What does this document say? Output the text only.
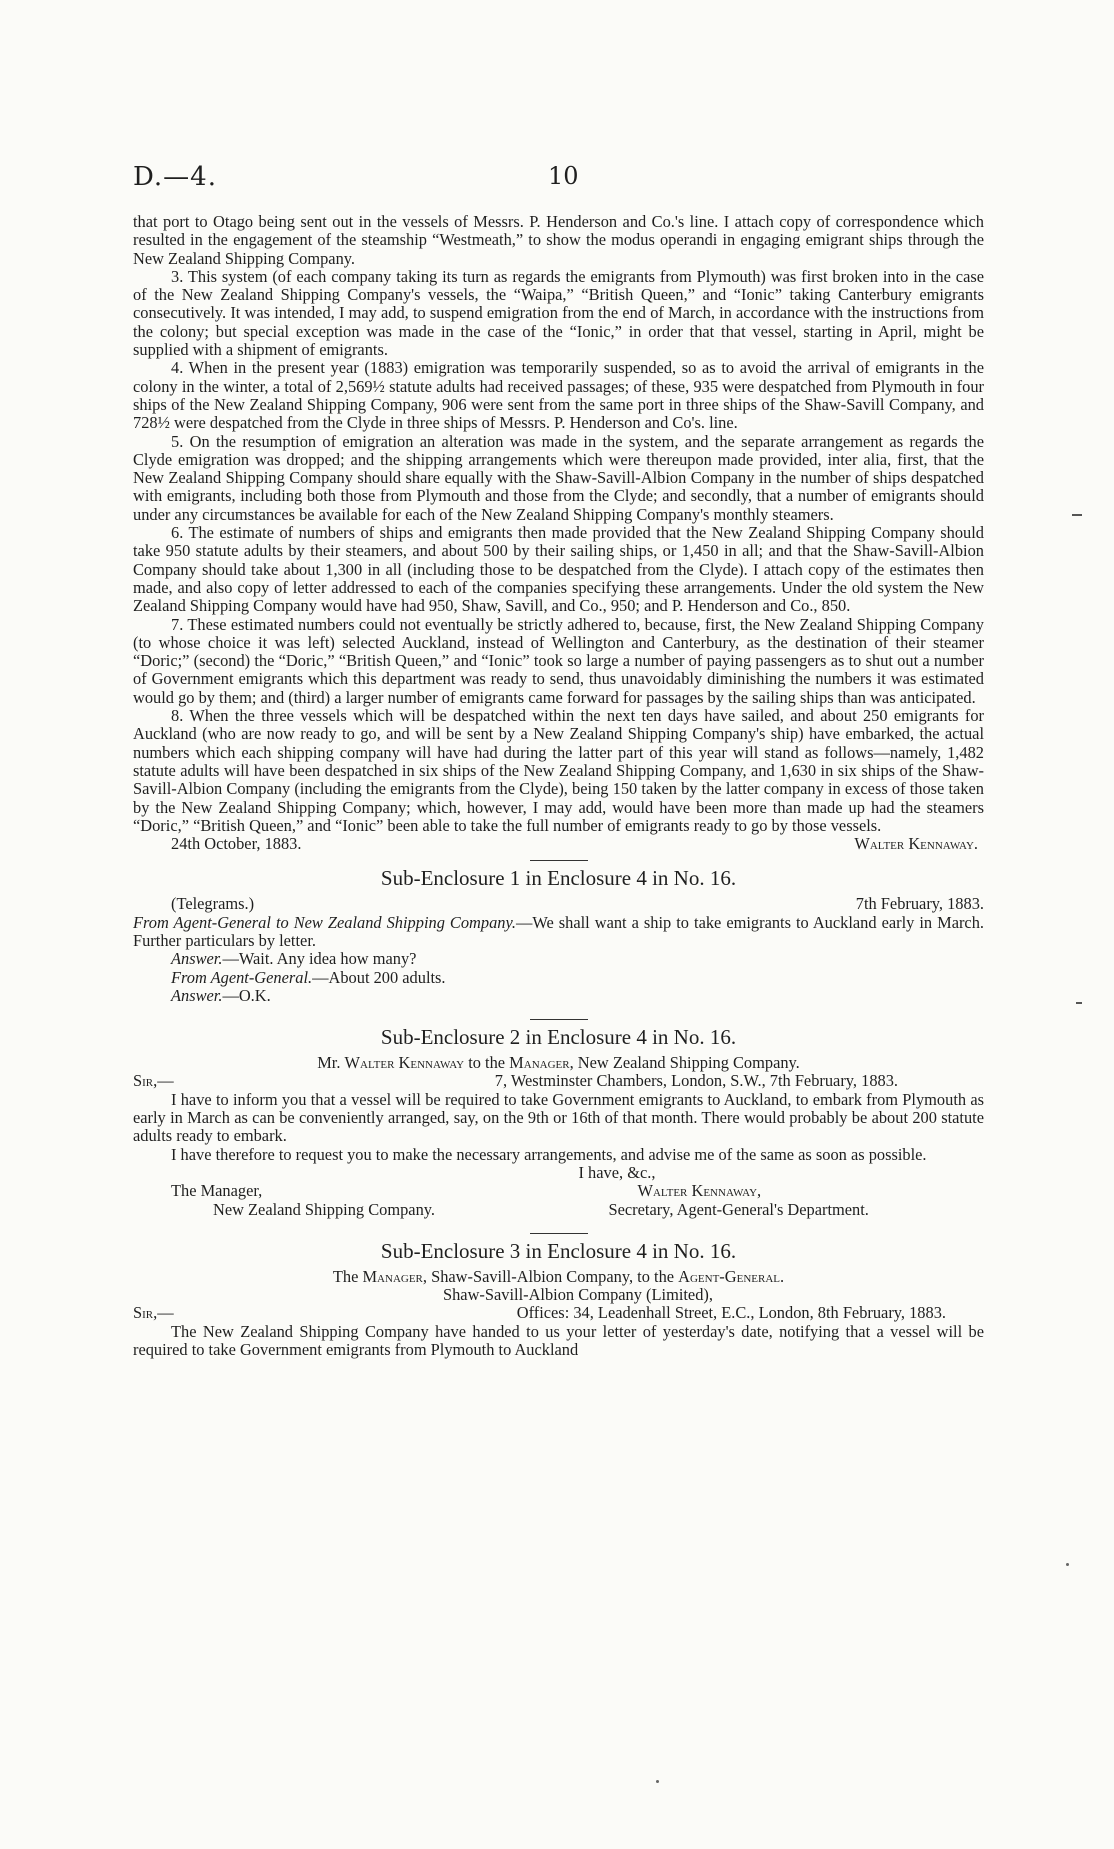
D.—4.	10

that port to Otago being sent out in the vessels of Messrs. P. Henderson and Co.'s line. I attach copy of correspondence which resulted in the engagement of the steamship “Westmeath,” to show the modus operandi in engaging emigrant ships through the New Zealand Shipping Company.

3. This system (of each company taking its turn as regards the emigrants from Plymouth) was first broken into in the case of the New Zealand Shipping Company's vessels, the “Waipa,” “British Queen,” and “Ionic” taking Canterbury emigrants consecutively. It was intended, I may add, to suspend emigration from the end of March, in accordance with the instructions from the colony; but special exception was made in the case of the “Ionic,” in order that that vessel, starting in April, might be supplied with a shipment of emigrants.

4. When in the present year (1883) emigration was temporarily suspended, so as to avoid the arrival of emigrants in the colony in the winter, a total of 2,569½ statute adults had received passages; of these, 935 were despatched from Plymouth in four ships of the New Zealand Shipping Company, 906 were sent from the same port in three ships of the Shaw-Savill Company, and 728½ were despatched from the Clyde in three ships of Messrs. P. Henderson and Co's. line.

5. On the resumption of emigration an alteration was made in the system, and the separate arrangement as regards the Clyde emigration was dropped; and the shipping arrangements which were thereupon made provided, inter alia, first, that the New Zealand Shipping Company should share equally with the Shaw-Savill-Albion Company in the number of ships despatched with emigrants, including both those from Plymouth and those from the Clyde; and secondly, that a number of emigrants should under any circumstances be available for each of the New Zealand Shipping Company's monthly steamers.

6. The estimate of numbers of ships and emigrants then made provided that the New Zealand Shipping Company should take 950 statute adults by their steamers, and about 500 by their sailing ships, or 1,450 in all; and that the Shaw-Savill-Albion Company should take about 1,300 in all (including those to be despatched from the Clyde). I attach copy of the estimates then made, and also copy of letter addressed to each of the companies specifying these arrangements. Under the old system the New Zealand Shipping Company would have had 950, Shaw, Savill, and Co., 950; and P. Henderson and Co., 850.

7. These estimated numbers could not eventually be strictly adhered to, because, first, the New Zealand Shipping Company (to whose choice it was left) selected Auckland, instead of Wellington and Canterbury, as the destination of their steamer “Doric;” (second) the “Doric,” “British Queen,” and “Ionic” took so large a number of paying passengers as to shut out a number of Government emigrants which this department was ready to send, thus unavoidably diminishing the numbers it was estimated would go by them; and (third) a larger number of emigrants came forward for passages by the sailing ships than was anticipated.

8. When the three vessels which will be despatched within the next ten days have sailed, and about 250 emigrants for Auckland (who are now ready to go, and will be sent by a New Zealand Shipping Company's ship) have embarked, the actual numbers which each shipping company will have had during the latter part of this year will stand as follows—namely, 1,482 statute adults will have been despatched in six ships of the New Zealand Shipping Company, and 1,630 in six ships of the Shaw-Savill-Albion Company (including the emigrants from the Clyde), being 150 taken by the latter company in excess of those taken by the New Zealand Shipping Company; which, however, I may add, would have been more than made up had the steamers “Doric,” “British Queen,” and “Ionic” been able to take the full number of emigrants ready to go by those vessels.

24th October, 1883.	Walter Kennaway.
Sub-Enclosure 1 in Enclosure 4 in No. 16.
(Telegrams.)	7th February, 1883.

From Agent-General to New Zealand Shipping Company.—We shall want a ship to take emigrants to Auckland early in March. Further particulars by letter.

Answer.—Wait. Any idea how many?

From Agent-General.—About 200 adults.

Answer.—O.K.

Sub-Enclosure 2 in Enclosure 4 in No. 16.

Mr. Walter Kennaway to the Manager, New Zealand Shipping Company.

Sir,—	7, Westminster Chambers, London, S.W., 7th February, 1883.

I have to inform you that a vessel will be required to take Government emigrants to Auckland, to embark from Plymouth as early in March as can be conveniently arranged, say, on the 9th or 16th of that month. There would probably be about 200 statute adults ready to embark.

I have therefore to request you to make the necessary arrangements, and advise me of the same as soon as possible.

I have, &c.,
The Manager,	Walter Kennaway,
New Zealand Shipping Company.	Secretary, Agent-General's Department.
Sub-Enclosure 3 in Enclosure 4 in No. 16.

The Manager, Shaw-Savill-Albion Company, to the Agent-General.

Shaw-Savill-Albion Company (Limited),

Sir,—	Offices: 34, Leadenhall Street, E.C., London, 8th February, 1883.

The New Zealand Shipping Company have handed to us your letter of yesterday's date, notifying that a vessel will be required to take Government emigrants from Plymouth to Auckland
